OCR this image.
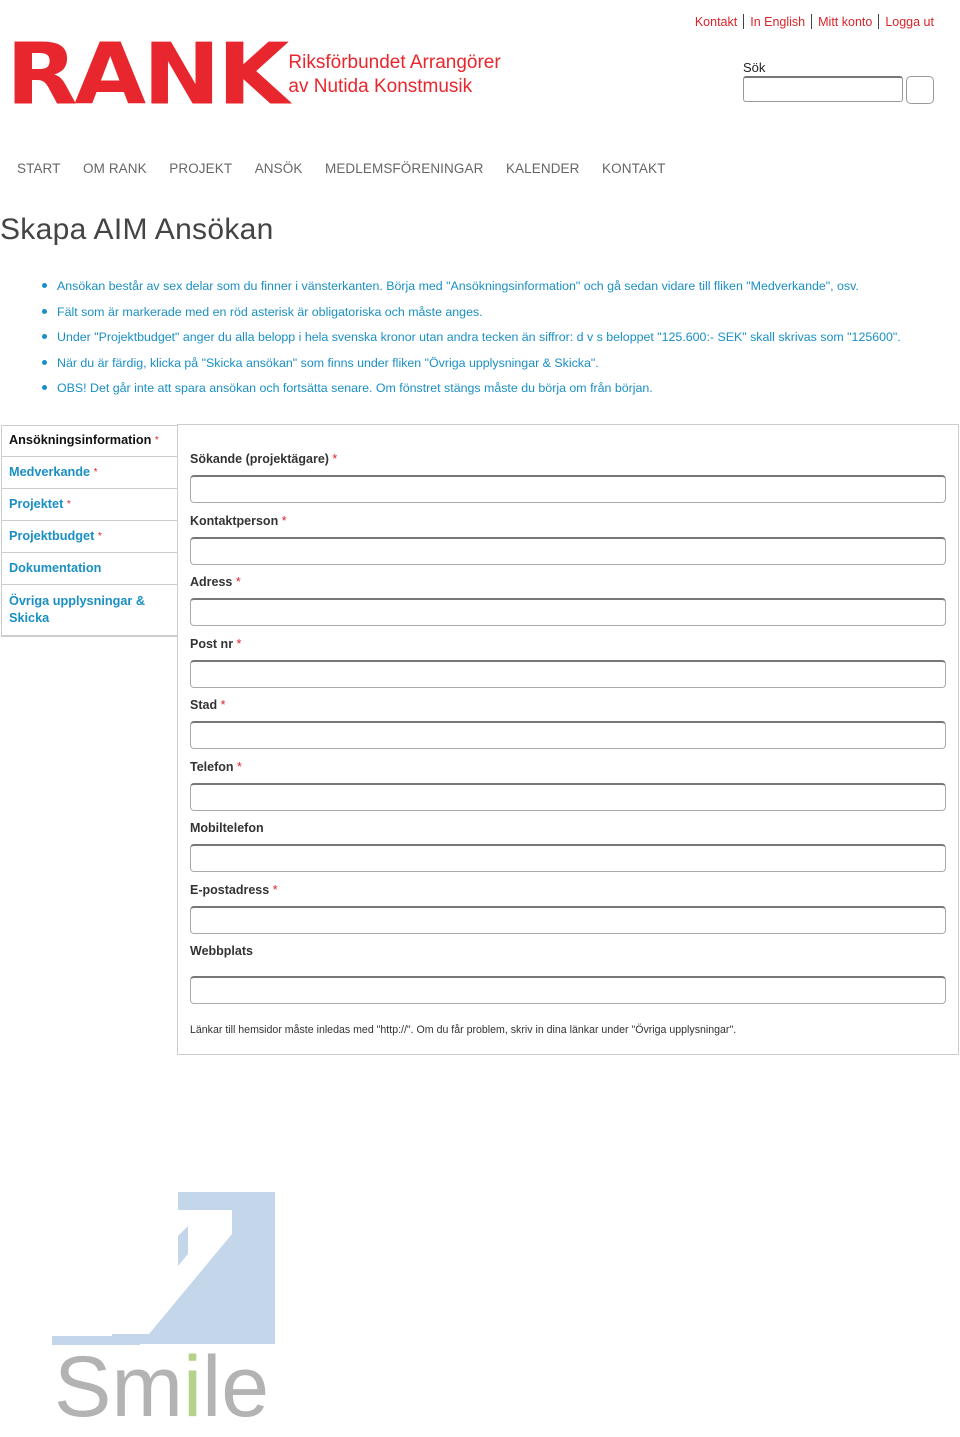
Kontakt In English Mitt konto Logga ut
RANK Riksförbundet Arrangörer
av Nutida Konstmusik
Sök
START OM RANK PROJEKT ANSÖK MEDLEMSFÖRENINGAR KALENDER KONTAKT
Skapa AIM Ansökan
Ansökan består av sex delar som du finner i vänsterkanten. Börja med "Ansökningsinformation" och gå sedan vidare till fliken "Medverkande", osv.
Fält som är markerade med en röd asterisk är obligatoriska och måste anges.
Under "Projektbudget" anger du alla belopp i hela svenska kronor utan andra tecken än siffror: d v s beloppet "125.600:- SEK" skall skrivas som "125600".
När du är färdig, klicka på "Skicka ansökan" som finns under fliken "Övriga upplysningar & Skicka".
OBS! Det går inte att spara ansökan och fortsätta senare. Om fönstret stängs måste du börja om från början.
Ansökningsinformation *
Medverkande *
Projektet *
Projektbudget *
Dokumentation
Övriga upplysningar & Skicka
Sökande (projektägare) *
Kontaktperson *
Adress *
Post nr *
Stad *
Telefon *
Mobiltelefon
E-postadress *
Webbplats
Länkar till hemsidor måste inledas med "http://". Om du får problem, skriv in dina länkar under "Övriga upplysningar".
Smile
